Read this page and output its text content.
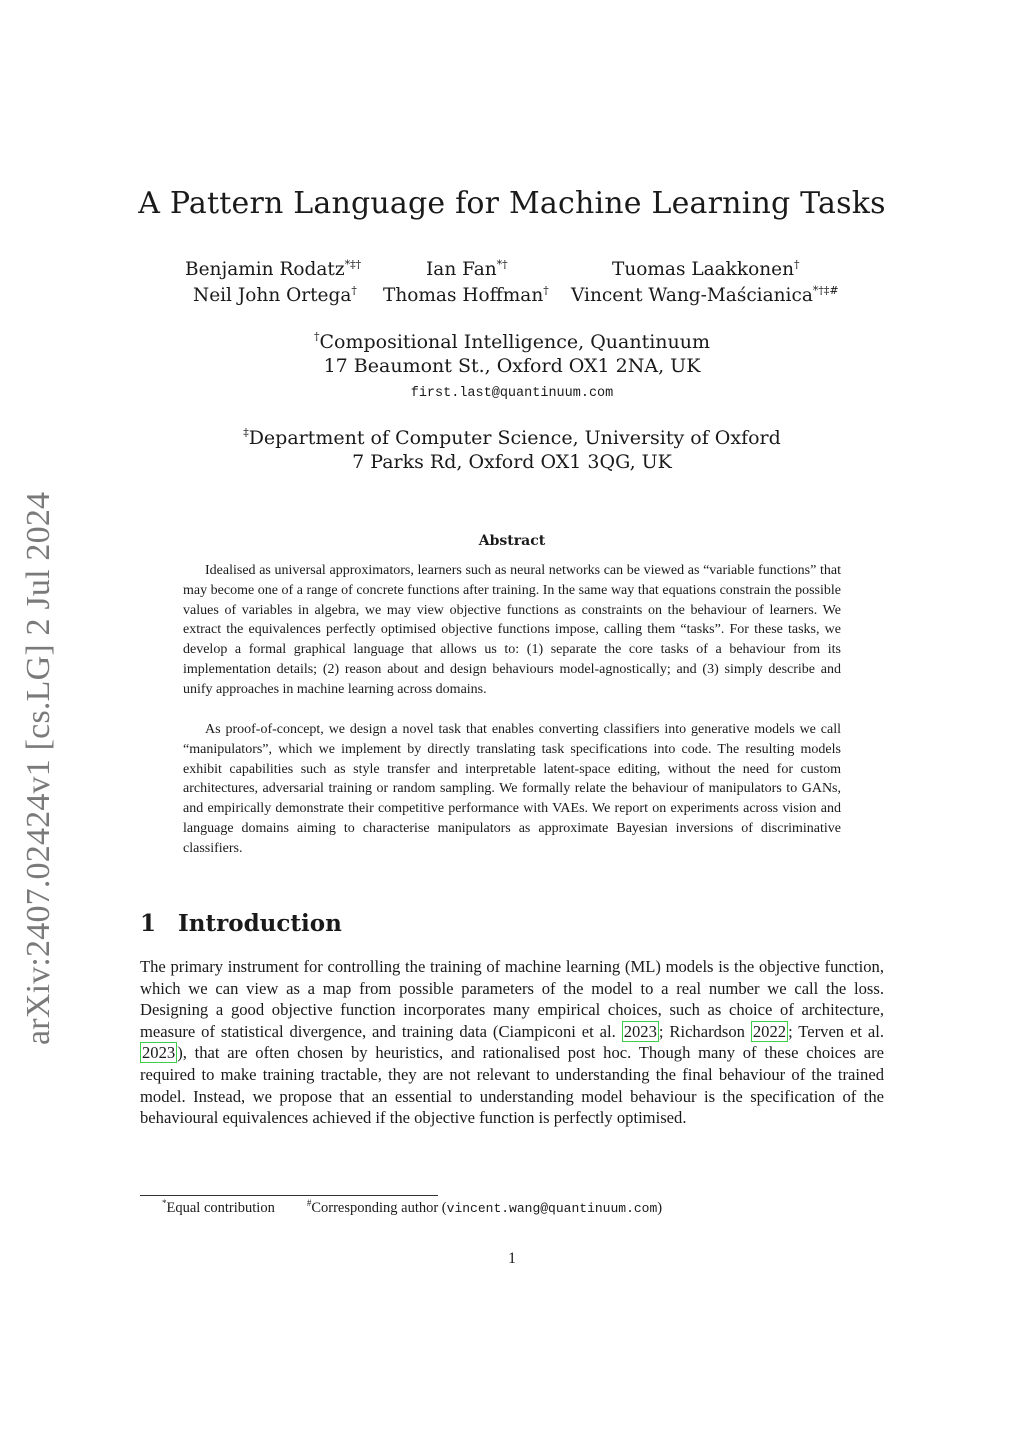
arXiv:2407.02424v1 [cs.LG] 2 Jul 2024
A Pattern Language for Machine Learning Tasks
Benjamin Rodatz*‡†	Ian Fan*†	Tuomas Laakkonen†
Neil John Ortega† Thomas Hoffman† Vincent Wang-Maścianica*†‡#
†Compositional Intelligence, Quantinuum
17 Beaumont St., Oxford OX1 2NA, UK
first.last@quantinuum.com
‡Department of Computer Science, University of Oxford
7 Parks Rd, Oxford OX1 3QG, UK
Abstract
Idealised as universal approximators, learners such as neural networks can be viewed as “variable functions” that may become one of a range of concrete functions after training. In the same way that equations constrain the possible values of variables in algebra, we may view objective functions as constraints on the behaviour of learners. We extract the equivalences perfectly optimised objective functions impose, calling them “tasks”. For these tasks, we develop a formal graphical language that allows us to: (1) separate the core tasks of a behaviour from its implementation details; (2) reason about and design behaviours model-agnostically; and (3) simply describe and unify approaches in machine learning across domains.
As proof-of-concept, we design a novel task that enables converting classifiers into generative models we call “manipulators”, which we implement by directly translating task specifications into code. The resulting models exhibit capabilities such as style transfer and interpretable latent-space editing, without the need for custom architectures, adversarial training or random sampling. We formally relate the behaviour of manipulators to GANs, and empirically demonstrate their competitive performance with VAEs. We report on experiments across vision and language domains aiming to characterise manipulators as approximate Bayesian inversions of discriminative classifiers.
1 Introduction
The primary instrument for controlling the training of machine learning (ML) models is the objective function, which we can view as a map from possible parameters of the model to a real number we call the loss. Designing a good objective function incorporates many empirical choices, such as choice of architecture, measure of statistical divergence, and training data (Ciampiconi et al. 2023 ; Richardson 2022 ; Terven et al. 2023 ), that are often chosen by heuristics, and rationalised post hoc. Though many of these choices are required to make training tractable, they are not relevant to understanding the final behaviour of the trained model. Instead, we propose that an essential to understanding model behaviour is the specification of the behavioural equivalences achieved if the objective function is perfectly optimised.
*Equal contribution	#Corresponding author (vincent.wang@quantinuum.com)
1
